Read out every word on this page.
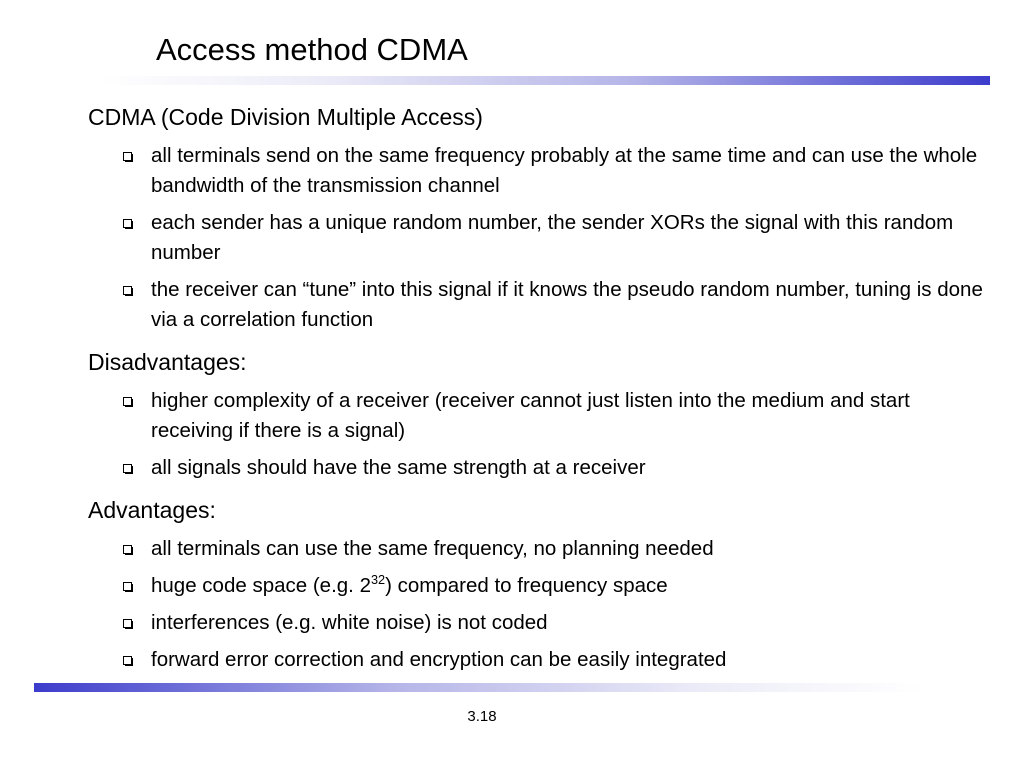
Access method CDMA

CDMA (Code Division Multiple Access)

all terminals send on the same frequency probably at the same time and can use the whole bandwidth of the transmission channel
each sender has a unique random number, the sender XORs the signal with this random number
the receiver can “tune” into this signal if it knows the pseudo random number, tuning is done via a correlation function

Disadvantages:

higher complexity of a receiver (receiver cannot just listen into the medium and start receiving if there is a signal)
all signals should have the same strength at a receiver

Advantages:

all terminals can use the same frequency, no planning needed
huge code space (e.g. $2^{32}$) compared to frequency space
interferences (e.g. white noise) is not coded
forward error correction and encryption can be easily integrated
3.18
